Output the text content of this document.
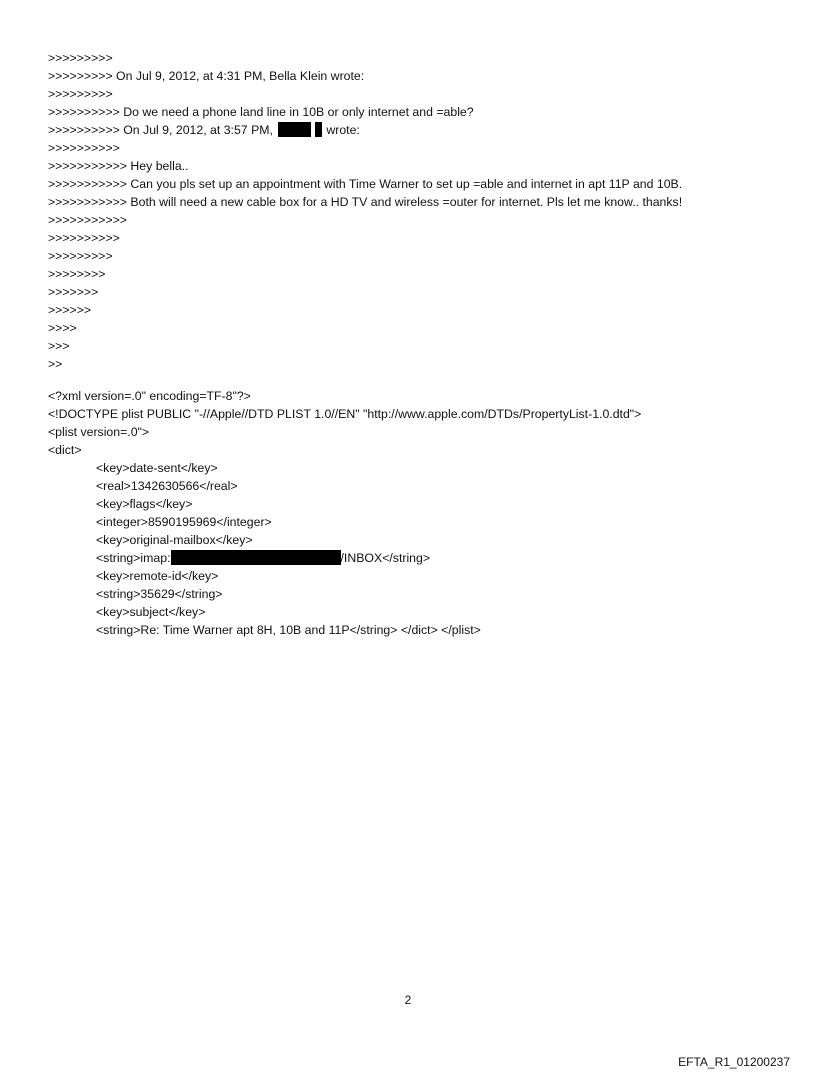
>>>>>>>>>
>>>>>>>>> On Jul 9, 2012, at 4:31 PM, Bella Klein wrote:
>>>>>>>>>
>>>>>>>>>> Do we need a phone land line in 10B or only internet and =able?
>>>>>>>>>> On Jul 9, 2012, at 3:57 PM,	wrote:
>>>>>>>>>>
>>>>>>>>>>> Hey bella..
>>>>>>>>>>> Can you pls set up an appointment with Time Warner to set up =able and internet in apt 11P and 10B.
>>>>>>>>>>> Both will need a new cable box for a HD TV and wireless =outer for internet. Pls let me know.. thanks!
>>>>>>>>>>>
>>>>>>>>>>
>>>>>>>>>
>>>>>>>>
>>>>>>>
>>>>>>
>>>>
>>>
>>
<?xml version=.0" encoding=TF-8"?>
<!DOCTYPE plist PUBLIC "-//Apple//DTD PLIST 1.0//EN" "http://www.apple.com/DTDs/PropertyList-1.0.dtd">
<plist version=.0">
<dict>
<key>date-sent</key>
<real>1342630566</real>
<key>flags</key>
<integer>8590195969</integer>
<key>original-mailbox</key>
<string>imap:	/INBOX</string>
<key>remote-id</key>
<string>35629</string>
<key>subject</key>
<string>Re: Time Warner apt 8H, 10B and 11P</string> </dict> </plist>
2
EFTA_R1_01200237
